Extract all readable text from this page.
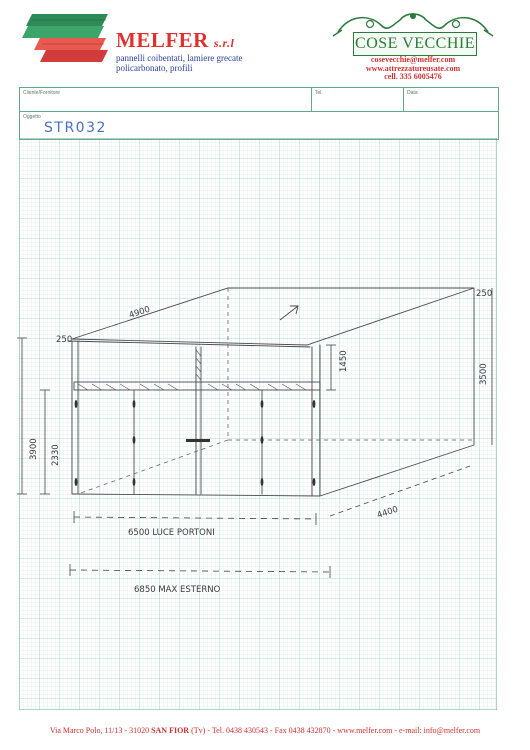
MELFER s.r.l
pannelli coibentati, lamiere grecate
policarbonato, profili
COSE VECCHIE
cosevecchie@melfer.com
www.attrezzatureusate.com
cell. 335 6005476
Cliente/Fornitore	Tel.	Data
Oggetto
STR032
4900
250
250
1450
3500
3900 2330
4400
6500 LUCE PORTONI
6850 MAX ESTERNO
Via Marco Polo, 11/13 - 31020 SAN FIOR (Tv) - Tel. 0438 430543 - Fax 0438 432870 - www.melfer.com - e-mail: info@melfer.com
